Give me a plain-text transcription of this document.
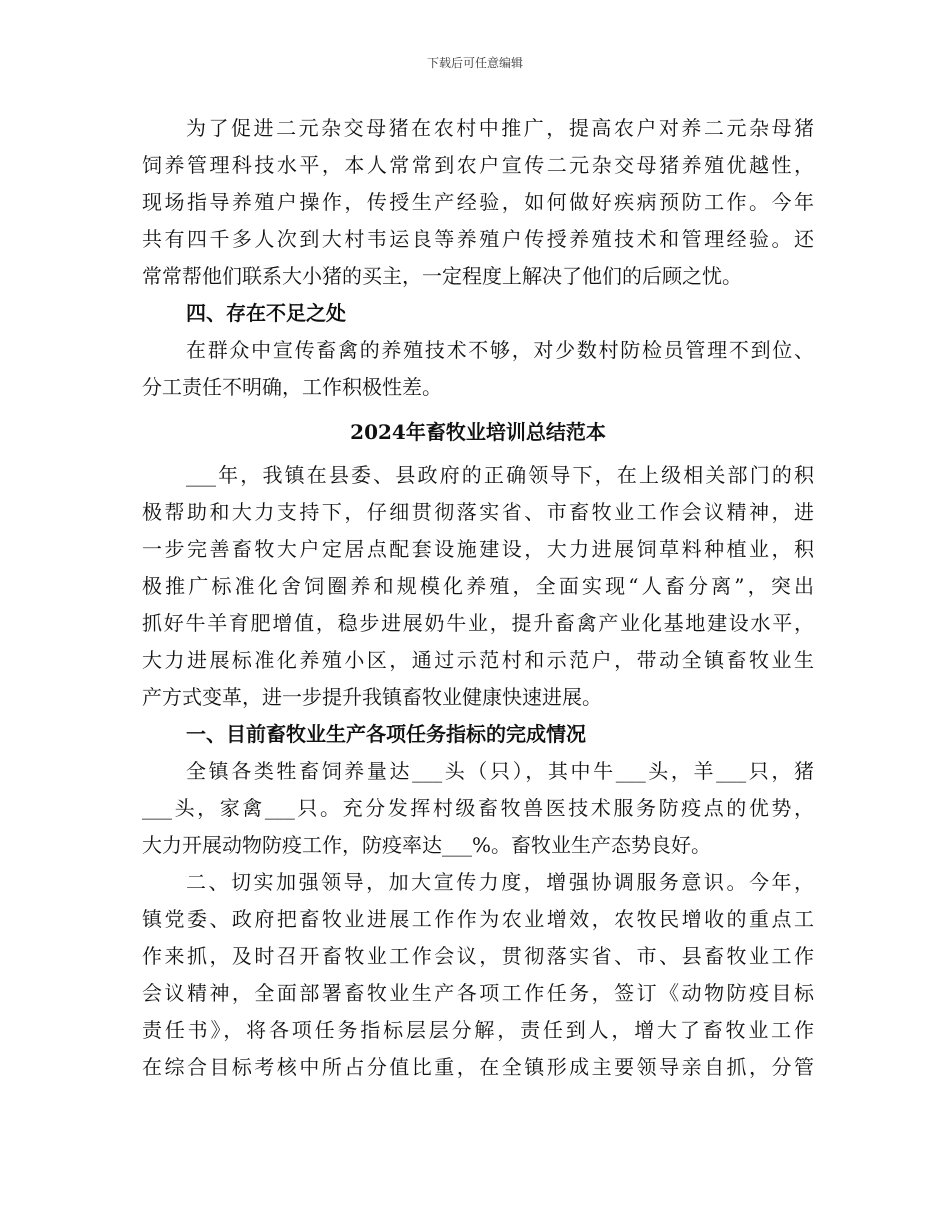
下载后可任意编辑
为了促进二元杂交母猪在农村中推广，提高农户对养二元杂母猪
饲养管理科技水平，本人常常到农户宣传二元杂交母猪养殖优越性，
现场指导养殖户操作，传授生产经验，如何做好疾病预防工作。今年
共有四千多人次到大村韦运良等养殖户传授养殖技术和管理经验。还
常常帮他们联系大小猪的买主，一定程度上解决了他们的后顾之忧。
四、存在不足之处
在群众中宣传畜禽的养殖技术不够，对少数村防检员管理不到位、
分工责任不明确，工作积极性差。
2024年畜牧业培训总结范本
___年，我镇在县委、县政府的正确领导下，在上级相关部门的积
极帮助和大力支持下，仔细贯彻落实省、市畜牧业工作会议精神，进
一步完善畜牧大户定居点配套设施建设，大力进展饲草料种植业，积
极推广标准化舍饲圈养和规模化养殖，全面实现“人畜分离”，突出
抓好牛羊育肥增值，稳步进展奶牛业，提升畜禽产业化基地建设水平，
大力进展标准化养殖小区，通过示范村和示范户，带动全镇畜牧业生
产方式变革，进一步提升我镇畜牧业健康快速进展。
一、目前畜牧业生产各项任务指标的完成情况
全镇各类牲畜饲养量达___头（只），其中牛___头，羊___只，猪
___头，家禽___只。充分发挥村级畜牧兽医技术服务防疫点的优势，
大力开展动物防疫工作，防疫率达___%。畜牧业生产态势良好。
二、切实加强领导，加大宣传力度，增强协调服务意识。今年，
镇党委、政府把畜牧业进展工作作为农业增效，农牧民增收的重点工
作来抓，及时召开畜牧业工作会议，贯彻落实省、市、县畜牧业工作
会议精神，全面部署畜牧业生产各项工作任务，签订《动物防疫目标
责任书》，将各项任务指标层层分解，责任到人，增大了畜牧业工作
在综合目标考核中所占分值比重，在全镇形成主要领导亲自抓，分管
